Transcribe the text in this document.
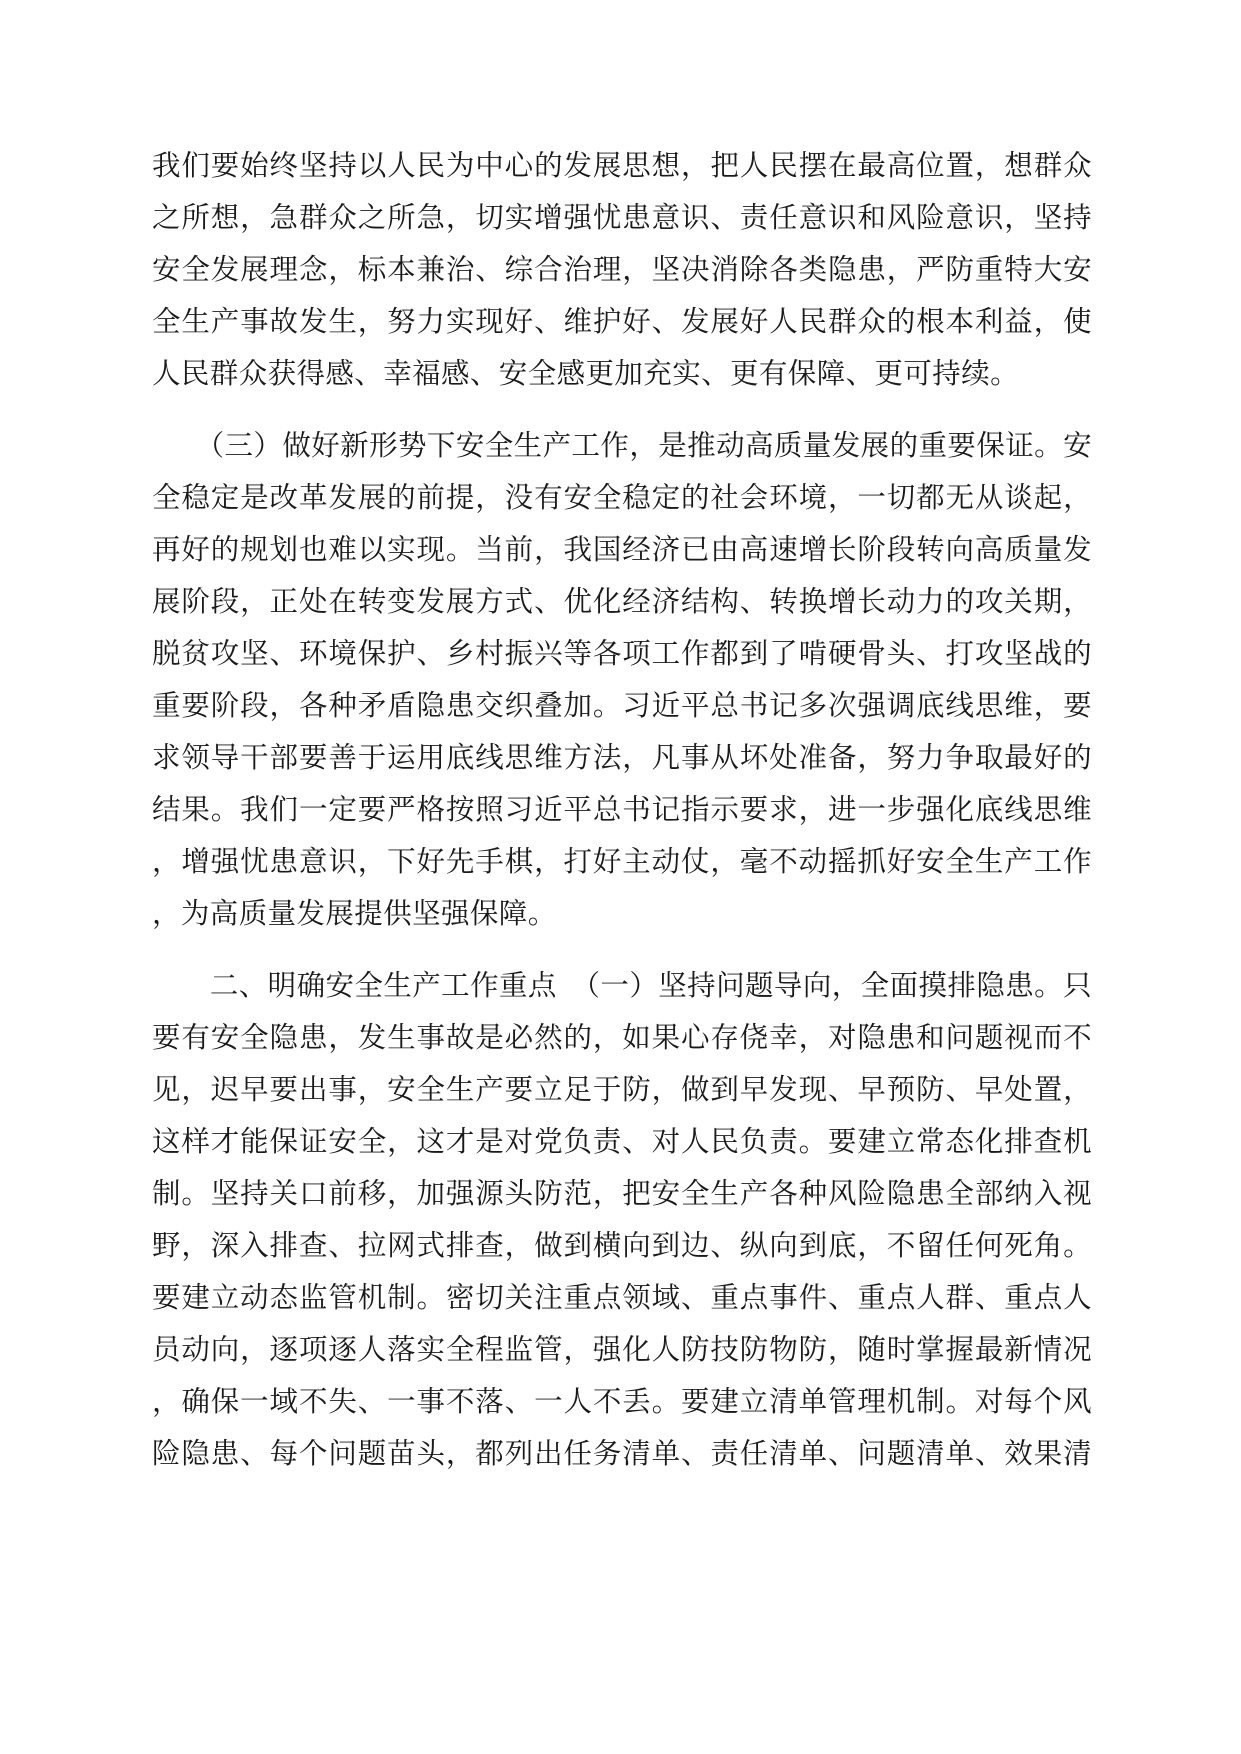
我们要始终坚持以人民为中心的发展思想，把人民摆在最高位置，想群众
之所想，急群众之所急，切实增强忧患意识、责任意识和风险意识，坚持
安全发展理念，标本兼治、综合治理，坚决消除各类隐患，严防重特大安
全生产事故发生，努力实现好、维护好、发展好人民群众的根本利益，使
人民群众获得感、幸福感、安全感更加充实、更有保障、更可持续。
　　（三）做好新形势下安全生产工作，是推动高质量发展的重要保证。安
全稳定是改革发展的前提，没有安全稳定的社会环境，一切都无从谈起，
再好的规划也难以实现。当前，我国经济已由高速增长阶段转向高质量发
展阶段，正处在转变发展方式、优化经济结构、转换增长动力的攻关期，
脱贫攻坚、环境保护、乡村振兴等各项工作都到了啃硬骨头、打攻坚战的
重要阶段，各种矛盾隐患交织叠加。习近平总书记多次强调底线思维，要
求领导干部要善于运用底线思维方法，凡事从坏处准备，努力争取最好的
结果。我们一定要严格按照习近平总书记指示要求，进一步强化底线思维
，增强忧患意识，下好先手棋，打好主动仗，毫不动摇抓好安全生产工作
，为高质量发展提供坚强保障。
　　二、明确安全生产工作重点　（一）坚持问题导向，全面摸排隐患。只
要有安全隐患，发生事故是必然的，如果心存侥幸，对隐患和问题视而不
见，迟早要出事，安全生产要立足于防，做到早发现、早预防、早处置，
这样才能保证安全，这才是对党负责、对人民负责。要建立常态化排查机
制。坚持关口前移，加强源头防范，把安全生产各种风险隐患全部纳入视
野，深入排查、拉网式排查，做到横向到边、纵向到底，不留任何死角。
要建立动态监管机制。密切关注重点领域、重点事件、重点人群、重点人
员动向，逐项逐人落实全程监管，强化人防技防物防，随时掌握最新情况
，确保一域不失、一事不落、一人不丢。要建立清单管理机制。对每个风
险隐患、每个问题苗头，都列出任务清单、责任清单、问题清单、效果清
